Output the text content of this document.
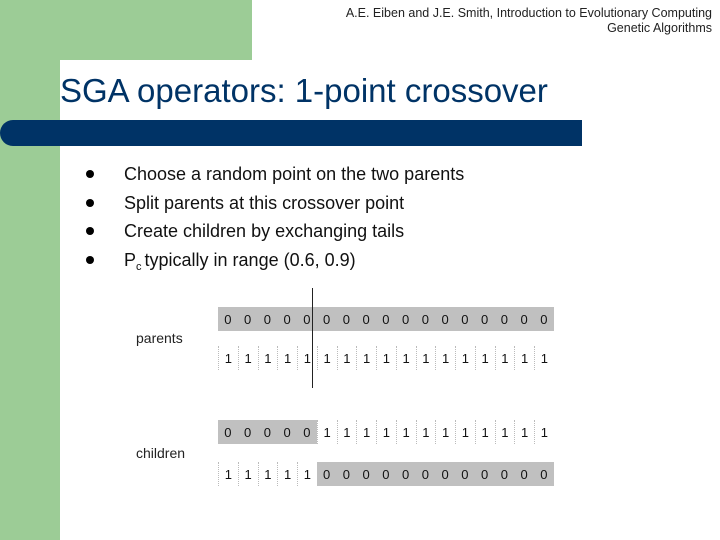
A.E. Eiben and J.E. Smith, Introduction to Evolutionary Computing
Genetic Algorithms
SGA operators: 1-point crossover
Choose a random point on the two parents
Split parents at this crossover point
Create children by exchanging tails
$P_c$ typically in range (0.6, 0.9)
parents
children
0 0 0 0 0 0 0 0 0 0 0 0 0 0 0 0 0
1 1 1 1 1 1 1 1 1 1 1 1 1 1 1 1 1
0 0 0 0 0	1 1 1 1 1 1 1 1 1 1 1 1
1 1 1 1 1 0 0 0 0 0 0 0 0 0 0 0 0
